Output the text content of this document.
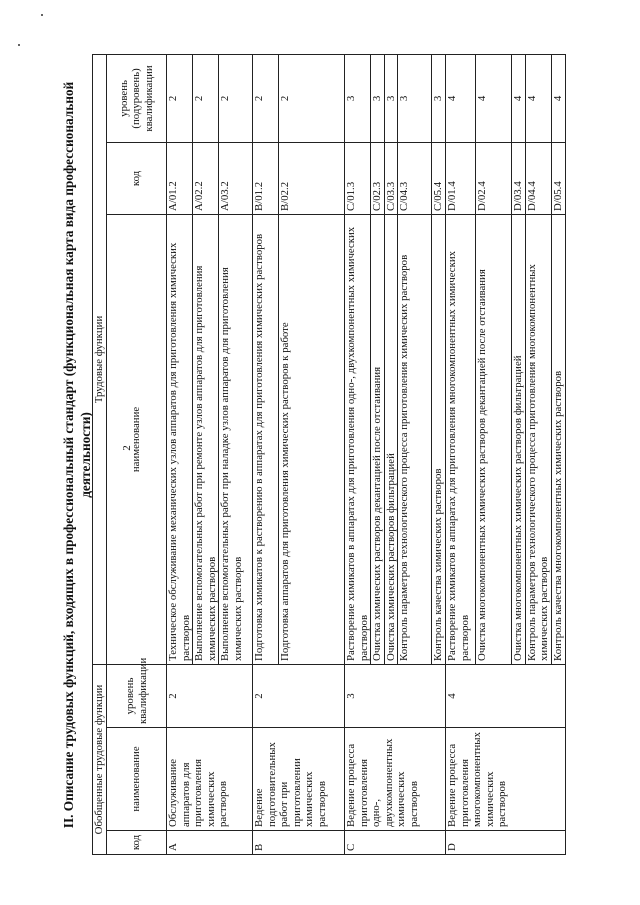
2
II. Описание трудовых функций, входящих в профессиональный стандарт (функциональная карта вида профессиональной деятельности)
Обобщенные трудовые функции			Трудовые функции		
код	наименование	уровень квалификации	наименование	код	уровень (подуровень) квалификации
A	Обслуживание аппаратов для приготовления химических растворов	2	Техническое обслуживание механических узлов аппаратов для приготовления химических растворов	A/01.2	2
			Выполнение вспомогательных работ при ремонте узлов аппаратов для приготовления химических растворов	A/02.2	2
			Выполнение вспомогательных работ при наладке узлов аппаратов для приготовления химических растворов	A/03.2	2
B	Ведение подготовительных работ при приготовлении химических растворов	2	Подготовка химикатов к растворению в аппаратах для приготовления химических растворов	B/01.2	2
			Подготовка аппаратов для приготовления химических растворов к работе	B/02.2	2
C	Ведение процесса приготовления одно-, двухкомпонентных химических растворов	3	Растворение химикатов в аппаратах для приготовления одно-, двухкомпонентных химических растворов	C/01.3	3
			Очистка химических растворов декантацией после отстаивания	C/02.3	3
			Очистка химических растворов фильтрацией	C/03.3	3
			Контроль параметров технологического процесса приготовления химических растворов	C/04.3	3
			Контроль качества химических растворов	C/05.4	3
D	Ведение процесса приготовления многокомпонентных химических растворов	4	Растворение химикатов в аппаратах для приготовления многокомпонентных химических растворов	D/01.4	4
			Очистка многокомпонентных химических растворов декантацией после отстаивания	D/02.4	4
			Очистка многокомпонентных химических растворов фильтрацией	D/03.4	4
			Контроль параметров технологического процесса приготовления многокомпонентных химических растворов	D/04.4	4
			Контроль качества многокомпонентных химических растворов	D/05.4	4
